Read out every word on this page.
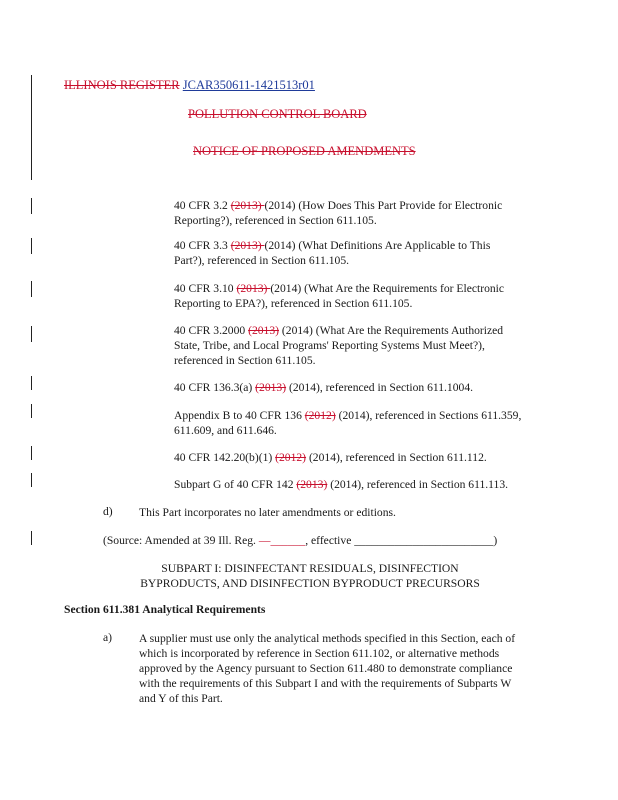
ILLINOIS REGISTER JCAR350611-1421513r01
POLLUTION CONTROL BOARD
NOTICE OF PROPOSED AMENDMENTS
40 CFR 3.2 (2013) (2014) (How Does This Part Provide for Electronic
Reporting?), referenced in Section 611.105.
40 CFR 3.3 (2013) (2014) (What Definitions Are Applicable to This
Part?), referenced in Section 611.105.
40 CFR 3.10 (2013) (2014) (What Are the Requirements for Electronic
Reporting to EPA?), referenced in Section 611.105.
40 CFR 3.2000 (2013) (2014) (What Are the Requirements Authorized
State, Tribe, and Local Programs' Reporting Systems Must Meet?),
referenced in Section 611.105.
40 CFR 136.3(a) (2013) (2014), referenced in Section 611.1004.
Appendix B to 40 CFR 136 (2012) (2014), referenced in Sections 611.359,
611.609, and 611.646.
40 CFR 142.20(b)(1) (2012) (2014), referenced in Section 611.112.
Subpart G of 40 CFR 142 (2013) (2014), referenced in Section 611.113.
d) This Part incorporates no later amendments or editions.
(Source: Amended at 39 Ill. Reg. —______, effective ________________________)
SUBPART I: DISINFECTANT RESIDUALS, DISINFECTION
BYPRODUCTS, AND DISINFECTION BYPRODUCT PRECURSORS
Section 611.381 Analytical Requirements
a) A supplier must use only the analytical methods specified in this Section, each of
which is incorporated by reference in Section 611.102, or alternative methods
approved by the Agency pursuant to Section 611.480 to demonstrate compliance
with the requirements of this Subpart I and with the requirements of Subparts W
and Y of this Part.
